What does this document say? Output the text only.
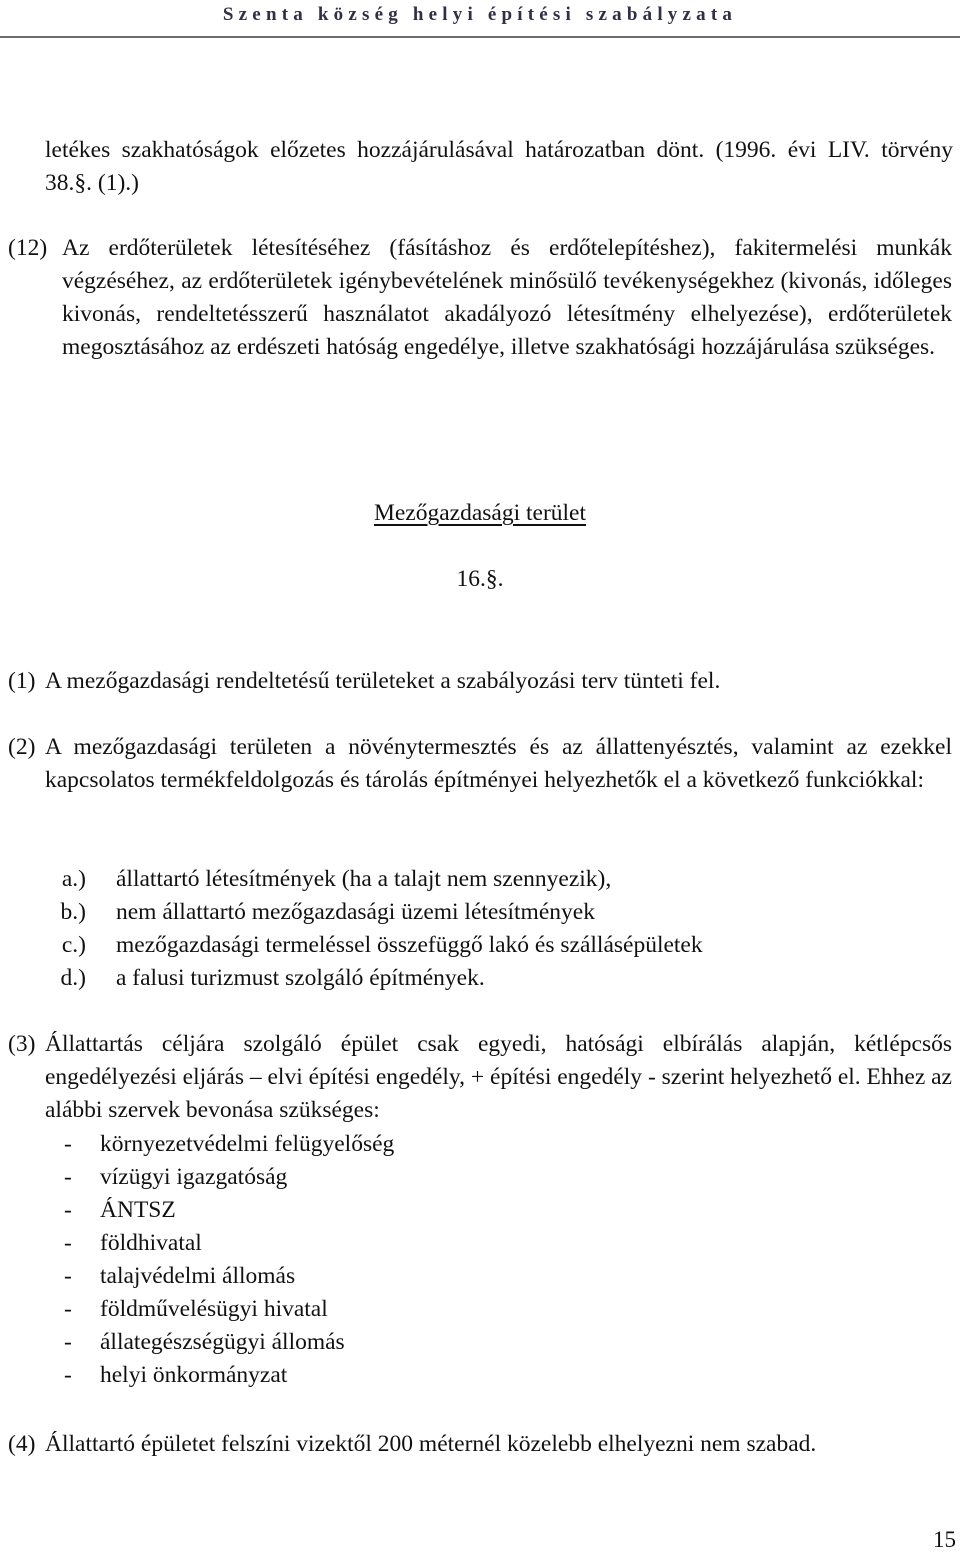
Szenta község helyi építési szabályzata
letékes szakhatóságok előzetes hozzájárulásával határozatban dönt. (1996. évi LIV. törvény 38.§. (1).)
(12) Az erdőterületek létesítéséhez (fásításhoz és erdőtelepítéshez), fakitermelési munkák végzéséhez, az erdőterületek igénybevételének minősülő tevékenységekhez (kivonás, időleges kivonás, rendeltetésszerű használatot akadályozó létesítmény elhelyezése), erdőterületek megosztásához az erdészeti hatóság engedélye, illetve szakhatósági hozzájárulása szükséges.
Mezőgazdasági terület
16.§.
(1) A mezőgazdasági rendeltetésű területeket a szabályozási terv tünteti fel.
(2) A mezőgazdasági területen a növénytermesztés és az állattenyésztés, valamint az ezekkel kapcsolatos termékfeldolgozás és tárolás építményei helyezhetők el a következő funkciókkal:
a.) állattartó létesítmények (ha a talajt nem szennyezik),
b.) nem állattartó mezőgazdasági üzemi létesítmények
c.) mezőgazdasági termeléssel összefüggő lakó és szállásépületek
d.) a falusi turizmust szolgáló építmények.
(3) Állattartás céljára szolgáló épület csak egyedi, hatósági elbírálás alapján, kétlépcsős engedélyezési eljárás – elvi építési engedély, + építési engedély - szerint helyezhető el. Ehhez az alábbi szervek bevonása szükséges:
- környezetvédelmi felügyelőség
- vízügyi igazgatóság
- ÁNTSZ
- földhivatal
- talajvédelmi állomás
- földművelésügyi hivatal
- állategészségügyi állomás
- helyi önkormányzat
(4) Állattartó épületet felszíni vizektől 200 méternél közelebb elhelyezni nem szabad.
15
